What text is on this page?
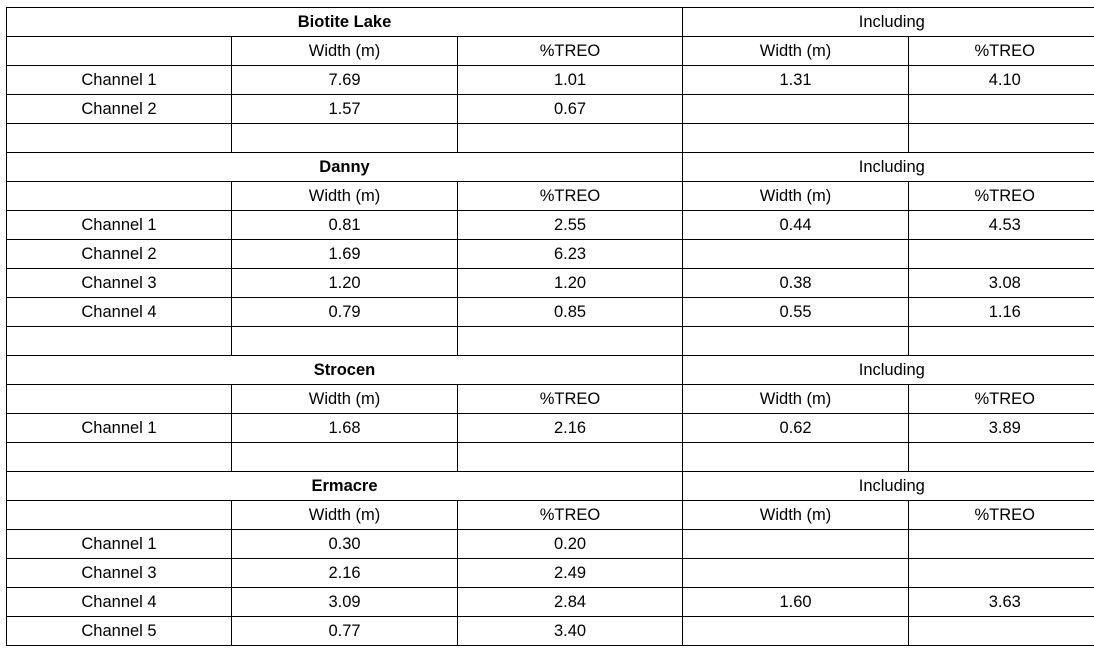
Biotite Lake			Including	
	Width (m)	%TREO	Width (m)	%TREO
Channel 1	7.69	1.01	1.31	4.10
Channel 2	1.57	0.67		

Danny			Including	
	Width (m)	%TREO	Width (m)	%TREO
Channel 1	0.81	2.55	0.44	4.53
Channel 2	1.69	6.23		
Channel 3	1.20	1.20	0.38	3.08
Channel 4	0.79	0.85	0.55	1.16

Strocen			Including	
	Width (m)	%TREO	Width (m)	%TREO
Channel 1	1.68	2.16	0.62	3.89

Ermacre			Including	
	Width (m)	%TREO	Width (m)	%TREO
Channel 1	0.30	0.20		
Channel 3	2.16	2.49		
Channel 4	3.09	2.84	1.60	3.63
Channel 5	0.77	3.40		
